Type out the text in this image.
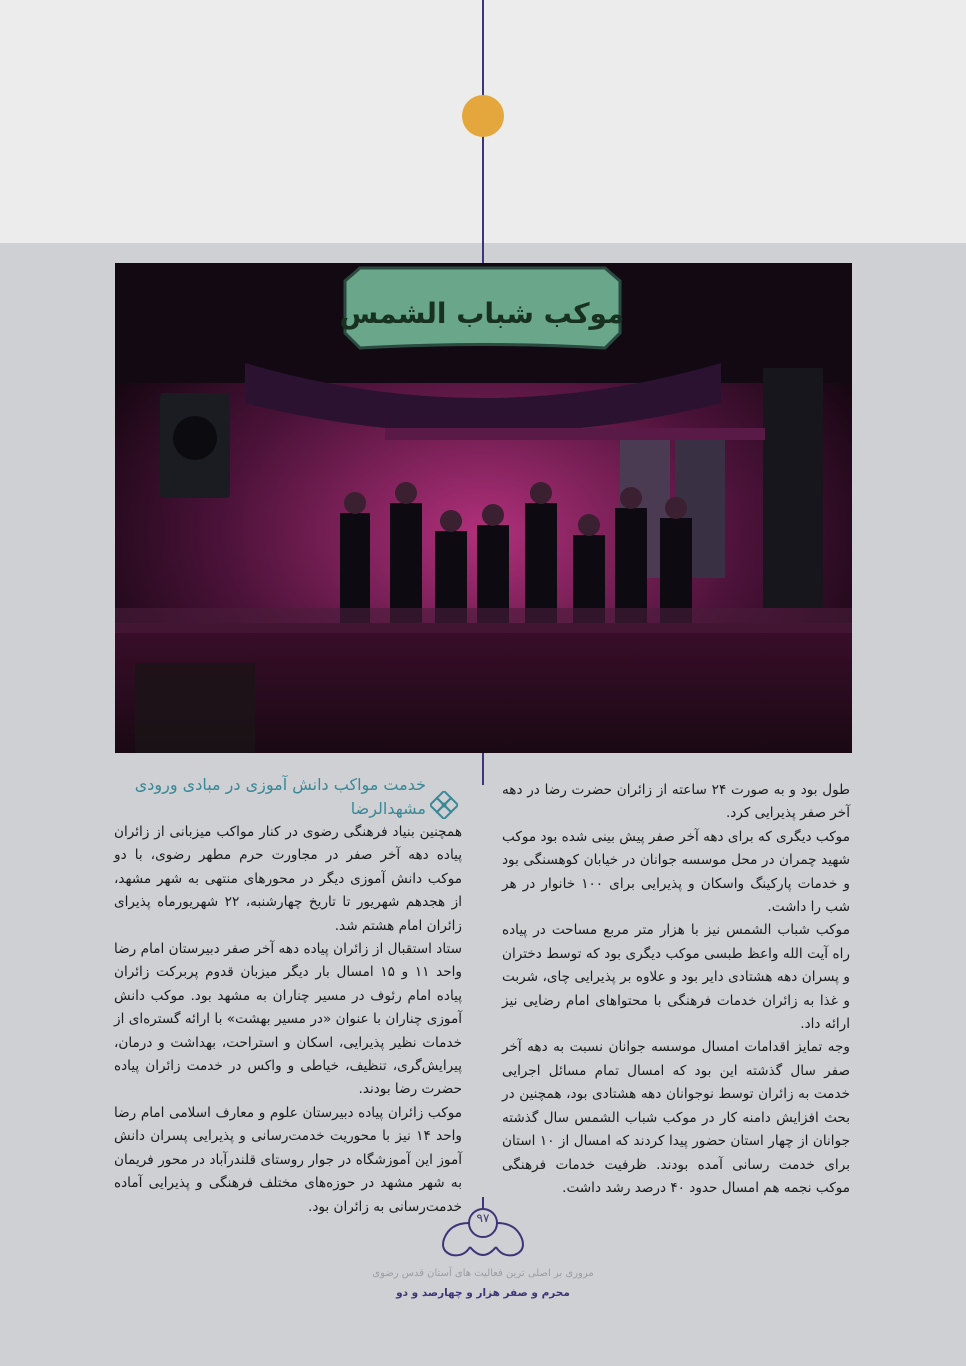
موکب شباب الشمس
خدمت مواکب دانش آموزی در مبادی ورودی
مشهدالرضا

طول بود و به صورت ۲۴ ساعته از زائران حضرت رضا در دهه آخر صفر پذیرایی کرد.

موکب دیگری که برای دهه آخر صفر پیش بینی شده بود موکب شهید چمران در محل موسسه جوانان در خیابان کوهسنگی بود و خدمات پارکینگ واسکان و پذیرایی برای ۱۰۰ خانوار در هر شب را داشت.

موکب شباب الشمس نیز با هزار متر مربع مساحت در پیاده راه آیت الله واعظ طبسی موکب دیگری بود که توسط دختران و پسران دهه هشتادی دایر بود و علاوه بر پذیرایی چای، شربت و غذا به زائران خدمات فرهنگی با محتواهای امام رضایی نیز ارائه داد.

وجه تمایز اقدامات امسال موسسه جوانان نسبت به دهه آخر صفر سال گذشته این بود که امسال تمام مسائل اجرایی خدمت به زائران توسط نوجوانان دهه هشتادی بود، همچنین در بحث افزایش دامنه کار در موکب شباب الشمس سال گذشته جوانان از چهار استان حضور پیدا کردند که امسال از ۱۰ استان برای خدمت رسانی آمده بودند. ظرفیت خدمات فرهنگی موکب نجمه هم امسال حدود ۴۰ درصد رشد داشت.

همچنین بنیاد فرهنگی رضوی در کنار مواکب میزبانی از زائران پیاده دهه آخر صفر در مجاورت حرم مطهر رضوی، با دو موکب دانش آموزی دیگر در محورهای منتهی به شهر مشهد، از هجدهم شهریور تا تاریخ چهارشنبه، ۲۲ شهریورماه پذیرای زائران امام هشتم شد.

ستاد استقبال از زائران پیاده دهه آخر صفر دبیرستان امام رضا واحد ۱۱ و ۱۵ امسال بار دیگر میزبان قدوم پربرکت زائران پیاده امام رئوف در مسیر چناران به مشهد بود. موکب دانش آموزی چناران با عنوان «در مسیر بهشت» با ارائه گستره‌ای از خدمات نظیر پذیرایی، اسکان و استراحت، بهداشت و درمان، پیرایش‌گری، تنظیف، خیاطی و واکس در خدمت زائران پیاده حضرت رضا بودند.

موکب زائران پیاده دبیرستان علوم و معارف اسلامی امام رضا واحد ۱۴ نیز با محوریت خدمت‌رسانی و پذیرایی پسران دانش آموز این آموزشگاه در جوار روستای قلندرآباد در محور فریمان به شهر مشهد در حوزه‌های مختلف فرهنگی و پذیرایی آماده خدمت‌رسانی به زائران بود.

۹۷
مروری بر اصلی ترین فعالیت های آستان قدس رضوی
محرم و صفر هزار و چهارصد و دو
